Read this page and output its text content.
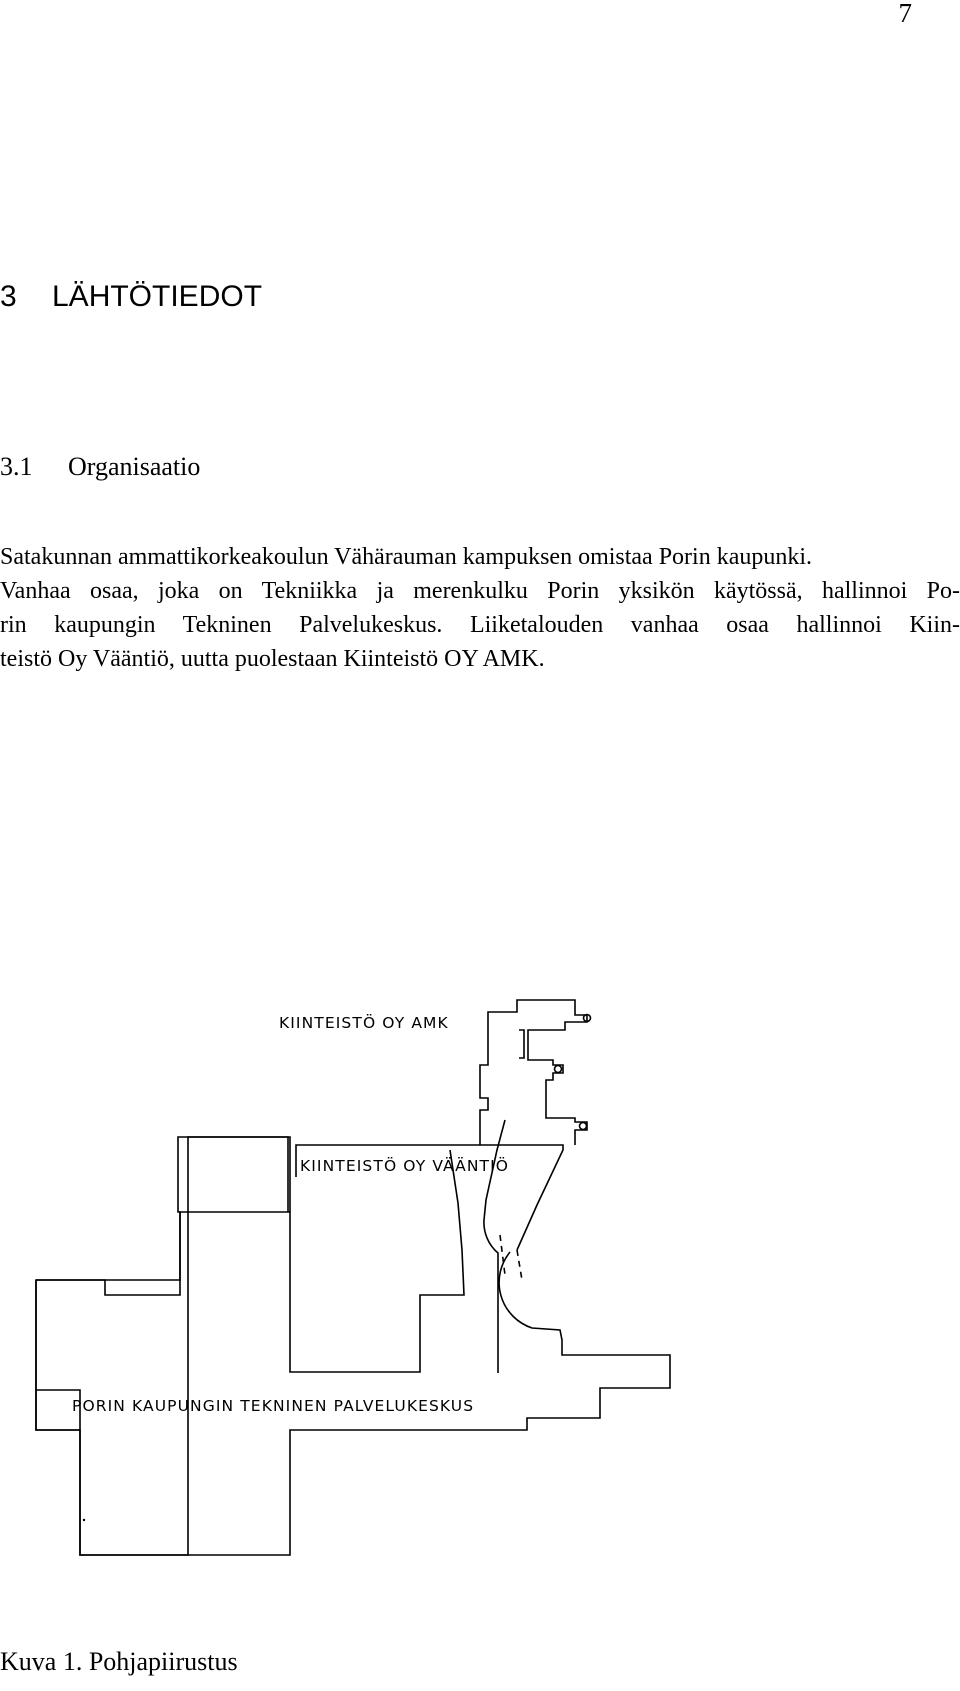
7
3 LÄHTÖTIEDOT
3.1 Organisaatio
Satakunnan ammattikorkeakoulun Vähärauman kampuksen omistaa Porin kaupunki.
Vanhaa osaa, joka on Tekniikka ja merenkulku Porin yksikön käytössä, hallinnoi Po-
rin kaupungin Tekninen Palvelukeskus. Liiketalouden vanhaa osaa hallinnoi Kiin-
teistö Oy Vääntiö, uutta puolestaan Kiinteistö OY AMK.
KIINTEISTÖ OY AMK
KIINTEISTÖ OY VÄÄNTIÖ
PORIN KAUPUNGIN TEKNINEN PALVELUKESKUS
Kuva 1. Pohjapiirustus
